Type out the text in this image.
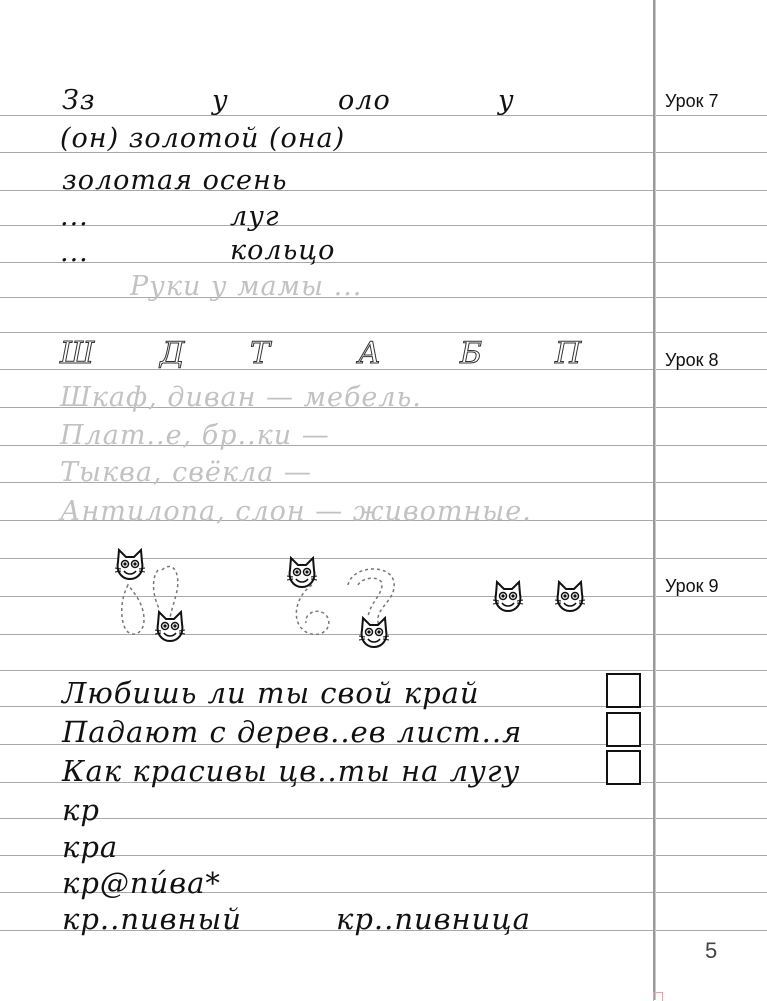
Урок 7
Урок 8
Урок 9
Зз	у	оло	у
(он) золотой (она)
золотая осень
...	луг
...	кольцо
Руки у мамы ...
Ш Д Т	А	Б П
Шкаф, диван — мебель.
Плат..е, бр..ки —
Тыква, свёкла —
Антилопа, слон — животные.
Любишь ли ты свой край
Падают с дерев..ев лист..я
Как красивы цв..ты на лугу
кр
кра
кр@пи́ва*
кр..пивный	кр..пивница
5
